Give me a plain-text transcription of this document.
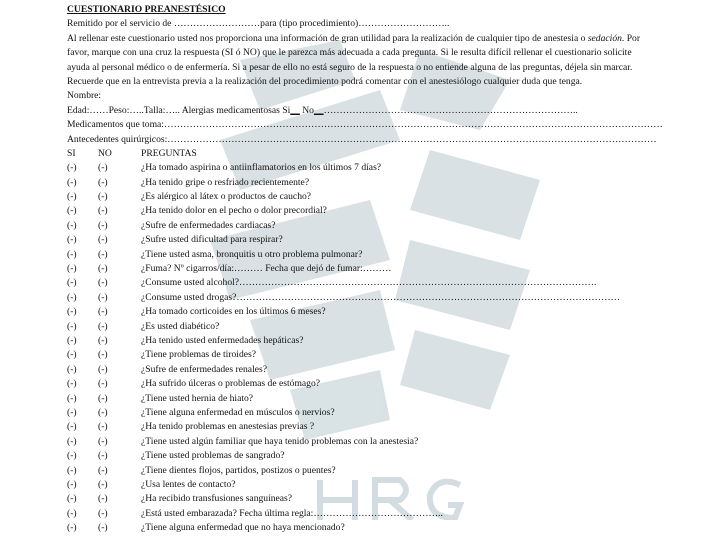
CUESTIONARIO PREANESTÉSICO
Remitido por el servicio de ………………………para (tipo procedimiento)………………………..
Al rellenar este cuestionario usted nos proporciona una información de gran utilidad para la realización de cualquier tipo de anestesia o sedación. Por
favor, marque con una cruz la respuesta (SI ó NO) que le parezca más adecuada a cada pregunta. Si le resulta difícil rellenar el cuestionario solicite
ayuda al personal médico o de enfermería. Si a pesar de ello no está seguro de la respuesta o no entiende alguna de las preguntas, déjela sin marcar.
Recuerde que en la entrevista previa a la realización del procedimiento podrá comentar con el anestesiólogo cualquier duda que tenga.
Nombre:
Edad:……Peso:…..Talla:….. Alergias medicamentosas Si__ No__……………………………………………………………………..
Medicamentos que toma:…………………………………………………………………………………………………………………………………………
Antecedentes quirúrgicos:………………………………………………………………………………………………………………………………………
SI	NO	PREGUNTAS
(-)	(-)	¿Ha tomado aspirina o antiinflamatorios en los últimos 7 días?
(-)	(-)	¿Ha tenido gripe o resfriado recientemente?
(-)	(-)	¿Es alérgico al látex o productos de caucho?
(-)	(-)	¿Ha tenido dolor en el pecho o dolor precordial?
(-)	(-)	¿Sufre de enfermedades cardiacas?
(-)	(-)	¿Sufre usted dificultad para respirar?
(-)	(-)	¿Tiene usted asma, bronquitis u otro problema pulmonar?
(-)	(-)	¿Fuma? Nº cigarros/día:……… Fecha que dejó de fumar:………
(-)	(-)	¿Consume usted alcohol?………………………………………………………………………………………………….
(-)	(-)	¿Consume usted drogas?…………………………………………………………………………………………………………
(-)	(-)	¿Ha tomado corticoides en los últimos 6 meses?
(-)	(-)	¿Es usted diabético?
(-)	(-)	¿Ha tenido usted enfermedades hepáticas?
(-)	(-)	¿Tiene problemas de tiroides?
(-)	(-)	¿Sufre de enfermedades renales?
(-)	(-)	¿Ha sufrido úlceras o problemas de estómago?
(-)	(-)	¿Tiene usted hernia de hiato?
(-)	(-)	¿Tiene alguna enfermedad en músculos o nervios?
(-)	(-)	¿Ha tenido problemas en anestesias previas ?
(-)	(-)	¿Tiene usted algún familiar que haya tenido problemas con la anestesia?
(-)	(-)	¿Tiene usted problemas de sangrado?
(-)	(-)	¿Tiene dientes flojos, partidos, postizos o puentes?
(-)	(-)	¿Usa lentes de contacto?
(-)	(-)	¿Ha recibido transfusiones sanguíneas?
(-)	(-)	¿Está usted embarazada? Fecha última regla:…………………………………..
(-)	(-)	¿Tiene alguna enfermedad que no haya mencionado?
